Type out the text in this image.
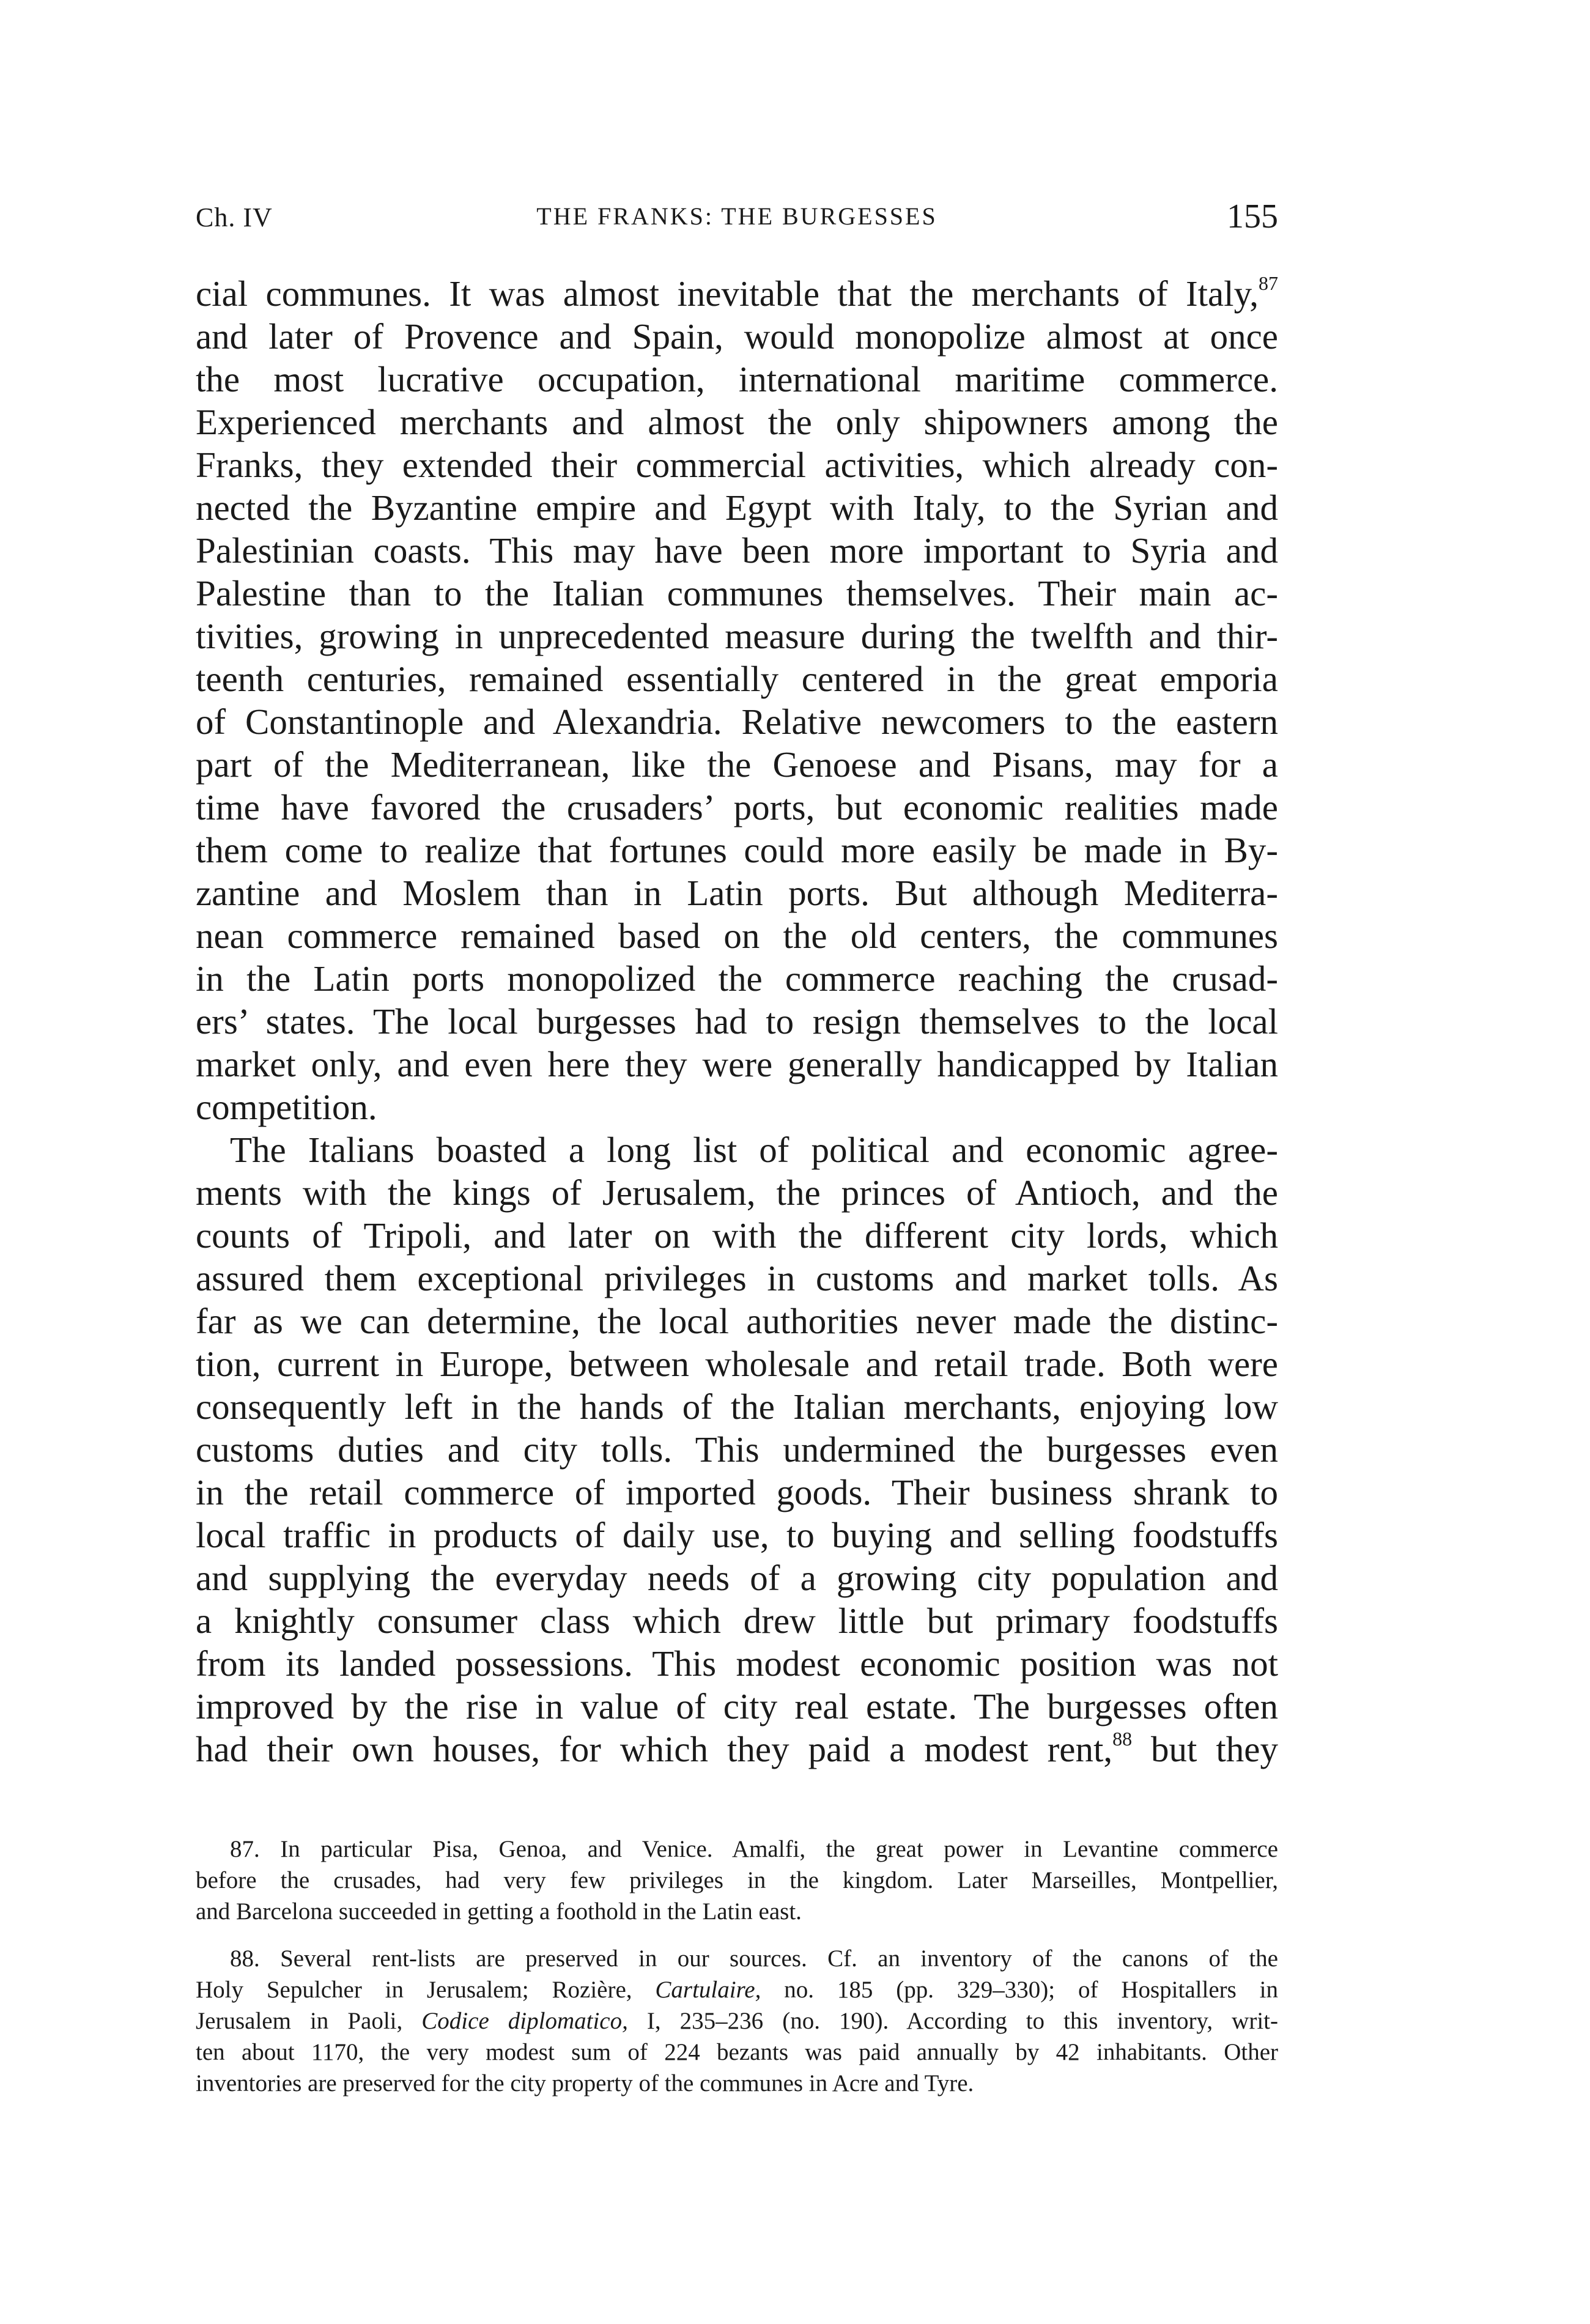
Ch. IV	THE FRANKS: THE BURGESSES	155
cial communes. It was almost inevitable that the merchants of Italy,$^{87}$
and later of Provence and Spain, would monopolize almost at once
the most lucrative occupation, international maritime commerce.
Experienced merchants and almost the only shipowners among the
Franks, they extended their commercial activities, which already con-
nected the Byzantine empire and Egypt with Italy, to the Syrian and
Palestinian coasts. This may have been more important to Syria and
Palestine than to the Italian communes themselves. Their main ac-
tivities, growing in unprecedented measure during the twelfth and thir-
teenth centuries, remained essentially centered in the great emporia
of Constantinople and Alexandria. Relative newcomers to the eastern
part of the Mediterranean, like the Genoese and Pisans, may for a
time have favored the crusaders’ ports, but economic realities made
them come to realize that fortunes could more easily be made in By-
zantine and Moslem than in Latin ports. But although Mediterra-
nean commerce remained based on the old centers, the communes
in the Latin ports monopolized the commerce reaching the crusad-
ers’ states. The local burgesses had to resign themselves to the local
market only, and even here they were generally handicapped by Italian
competition.
The Italians boasted a long list of political and economic agree-
ments with the kings of Jerusalem, the princes of Antioch, and the
counts of Tripoli, and later on with the different city lords, which
assured them exceptional privileges in customs and market tolls. As
far as we can determine, the local authorities never made the distinc-
tion, current in Europe, between wholesale and retail trade. Both were
consequently left in the hands of the Italian merchants, enjoying low
customs duties and city tolls. This undermined the burgesses even
in the retail commerce of imported goods. Their business shrank to
local traffic in products of daily use, to buying and selling foodstuffs
and supplying the everyday needs of a growing city population and
a knightly consumer class which drew little but primary foodstuffs
from its landed possessions. This modest economic position was not
improved by the rise in value of city real estate. The burgesses often
had their own houses, for which they paid a modest rent,$^{88}$ but they
87. In particular Pisa, Genoa, and Venice. Amalfi, the great power in Levantine commerce
before the crusades, had very few privileges in the kingdom. Later Marseilles, Montpellier,
and Barcelona succeeded in getting a foothold in the Latin east.
88. Several rent-lists are preserved in our sources. Cf. an inventory of the canons of the
Holy Sepulcher in Jerusalem; Rozière, Cartulaire, no. 185 (pp. 329–330); of Hospitallers in
Jerusalem in Paoli, Codice diplomatico, I, 235–236 (no. 190). According to this inventory, writ-
ten about 1170, the very modest sum of 224 bezants was paid annually by 42 inhabitants. Other
inventories are preserved for the city property of the communes in Acre and Tyre.
